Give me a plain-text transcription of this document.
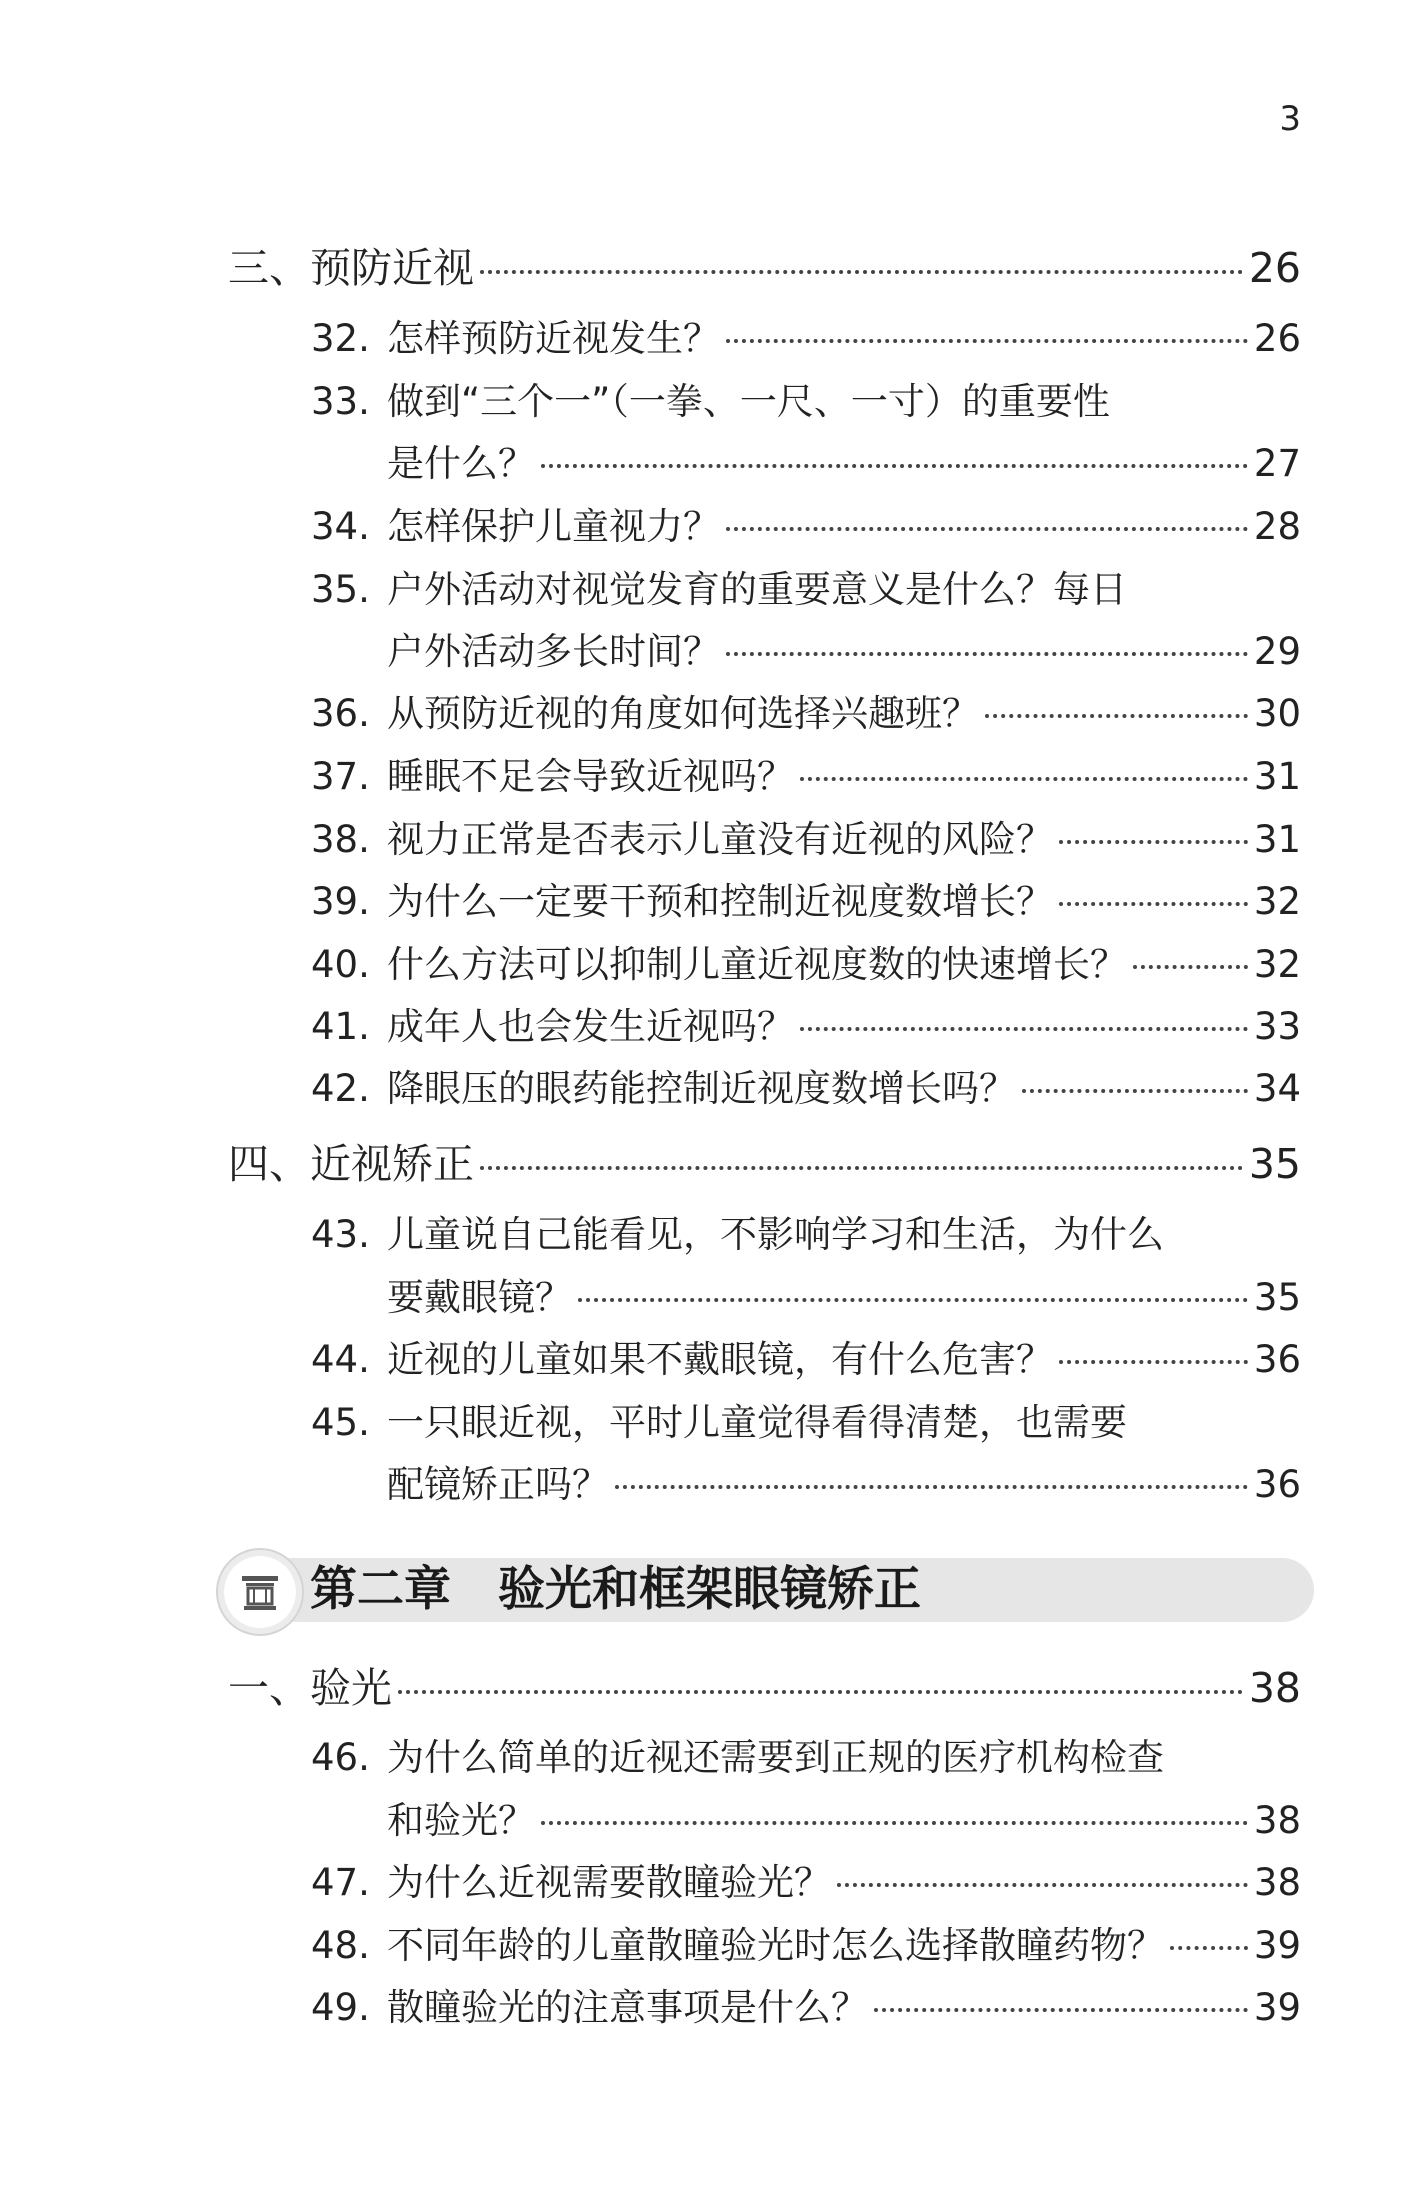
3
三、预防近视	26
32. 怎样预防近视发生？	26
33. 做到“三个一”（一拳、一尺、一寸）的重要性
是什么？	27
34. 怎样保护儿童视力？	28
35. 户外活动对视觉发育的重要意义是什么？每日
户外活动多长时间？	29
36. 从预防近视的角度如何选择兴趣班？	30
37. 睡眠不足会导致近视吗？	31
38. 视力正常是否表示儿童没有近视的风险？	31
39. 为什么一定要干预和控制近视度数增长？	32
40. 什么方法可以抑制儿童近视度数的快速增长？	32
41. 成年人也会发生近视吗？	33
42. 降眼压的眼药能控制近视度数增长吗？	34
四、近视矫正	35
43. 儿童说自己能看见，不影响学习和生活，为什么
要戴眼镜？	35
44. 近视的儿童如果不戴眼镜，有什么危害？	36
45. 一只眼近视，平时儿童觉得看得清楚，也需要
配镜矫正吗？	36
一、验光	38
46. 为什么简单的近视还需要到正规的医疗机构检查
和验光？	38
47. 为什么近视需要散瞳验光？	38
48. 不同年龄的儿童散瞳验光时怎么选择散瞳药物？ 39
49. 散瞳验光的注意事项是什么？	39
第二章　验光和框架眼镜矫正
